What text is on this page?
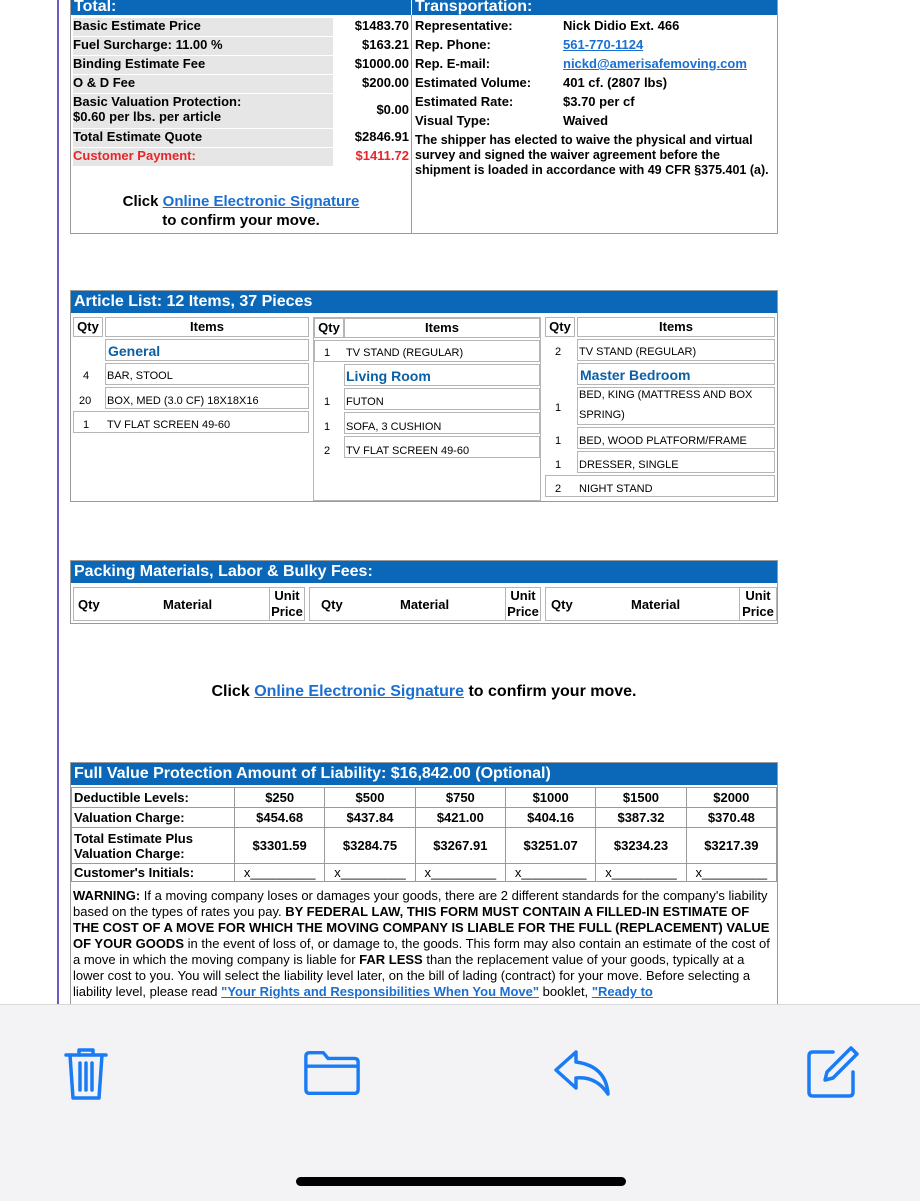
Total:	Transportation:
Basic Estimate Price	$1483.70
Fuel Surcharge: 11.00 %	$163.21
Binding Estimate Fee	$1000.00
O & D Fee	$200.00
Basic Valuation Protection:
$0.60 per lbs. per article	$0.00
Total Estimate Quote	$2846.91
Customer Payment:	$1411.72
Click Online Electronic Signature
to confirm your move.
Representative:	Nick Didio Ext. 466
Rep. Phone:	561-770-1124
Rep. E-mail:	nickd@amerisafemoving.com
Estimated Volume: 401 cf. (2807 lbs)
Estimated Rate:	$3.70 per cf
Visual Type:	Waived
The shipper has elected to waive the physical and virtual survey and signed the waiver agreement before the shipment is loaded in accordance with 49 CFR §375.401 (a).
Article List: 12 Items, 37 Pieces
Qty	Items
General
4 BAR, STOOL
20 BOX, MED (3.0 CF) 18X18X16
1 TV FLAT SCREEN 49-60
Qty	Items
1 TV STAND (REGULAR)
Living Room
1 FUTON
1 SOFA, 3 CUSHION
2 TV FLAT SCREEN 49-60
Qty	Items
2 TV STAND (REGULAR)
Master Bedroom
1
BED, KING (MATTRESS AND BOX
SPRING)
1 BED, WOOD PLATFORM/FRAME
1 DRESSER, SINGLE
2 NIGHT STAND
Packing Materials, Labor & Bulky Fees:
Qty	Material
Unit
Price Qty	Material
Unit
Price Qty	Material
Unit
Price
Click Online Electronic Signature to confirm your move.
Full Value Protection Amount of Liability: $16,842.00 (Optional)
Deductible Levels:	$250	$500	$750	$1000	$1500	$2000
Valuation Charge:	$454.68	$437.84	$421.00	$404.16	$387.32	$370.48
Total Estimate Plus
Valuation Charge:	$3301.59	$3284.75	$3267.91	$3251.07	$3234.23	$3217.39
Customer's Initials:	x_________	x_________	x_________	x_________	x_________	x_________
WARNING: If a moving company loses or damages your goods, there are 2 different standards for the company's liability based on the types of rates you pay. BY FEDERAL LAW, THIS FORM MUST CONTAIN A FILLED-IN ESTIMATE OF THE COST OF A MOVE FOR WHICH THE MOVING COMPANY IS LIABLE FOR THE FULL (REPLACEMENT) VALUE OF YOUR GOODS in the event of loss of, or damage to, the goods. This form may also contain an estimate of the cost of a move in which the moving company is liable for FAR LESS than the replacement value of your goods, typically at a lower cost to you. You will select the liability level later, on the bill of lading (contract) for your move. Before selecting a liability level, please read "Your Rights and Responsibilities When You Move" booklet, "Ready to
